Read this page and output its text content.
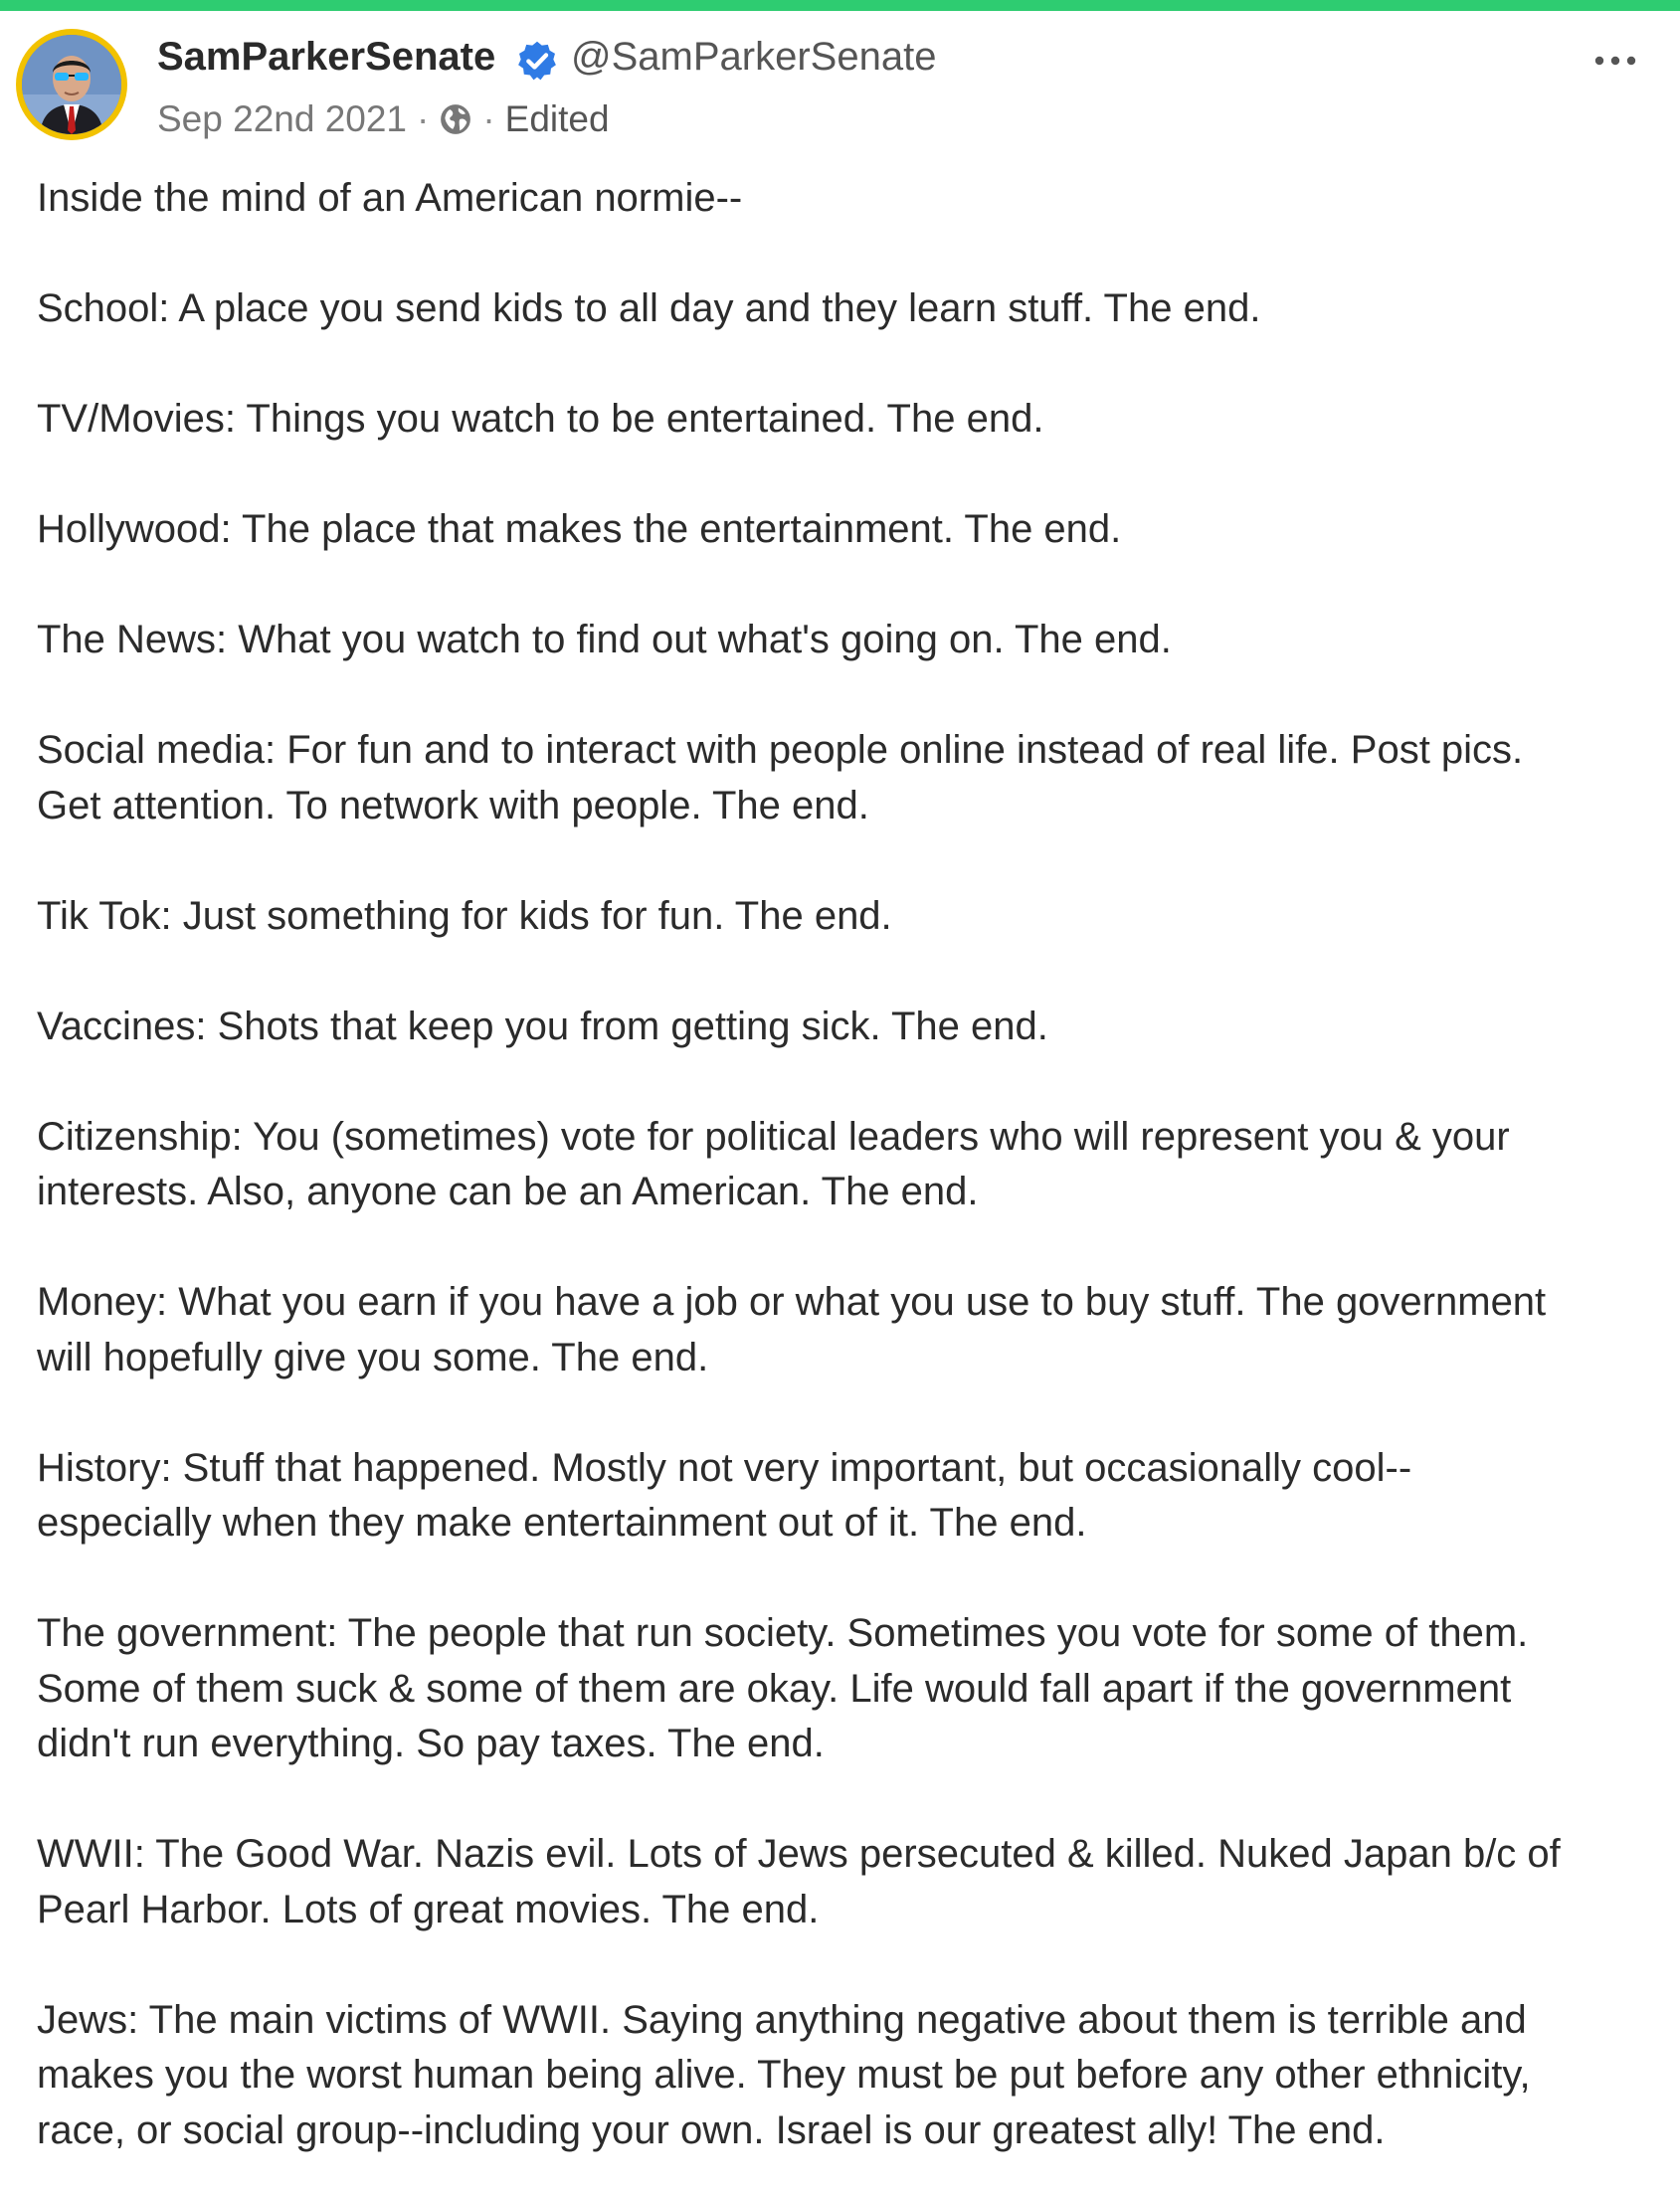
SamParkerSenate @SamParkerSenate
Sep 22nd 2021 · · Edited

Inside the mind of an American normie--

School: A place you send kids to all day and they learn stuff. The end.

TV/Movies: Things you watch to be entertained. The end.

Hollywood: The place that makes the entertainment. The end.

The News: What you watch to find out what's going on. The end.

Social media: For fun and to interact with people online instead of real life. Post pics.
Get attention. To network with people. The end.

Tik Tok: Just something for kids for fun. The end.

Vaccines: Shots that keep you from getting sick. The end.

Citizenship: You (sometimes) vote for political leaders who will represent you & your
interests. Also, anyone can be an American. The end.

Money: What you earn if you have a job or what you use to buy stuff. The government
will hopefully give you some. The end.

History: Stuff that happened. Mostly not very important, but occasionally cool--
especially when they make entertainment out of it. The end.

The government: The people that run society. Sometimes you vote for some of them.
Some of them suck & some of them are okay. Life would fall apart if the government
didn't run everything. So pay taxes. The end.

WWII: The Good War. Nazis evil. Lots of Jews persecuted & killed. Nuked Japan b/c of
Pearl Harbor. Lots of great movies. The end.

Jews: The main victims of WWII. Saying anything negative about them is terrible and
makes you the worst human being alive. They must be put before any other ethnicity,
race, or social group--including your own. Israel is our greatest ally! The end.
